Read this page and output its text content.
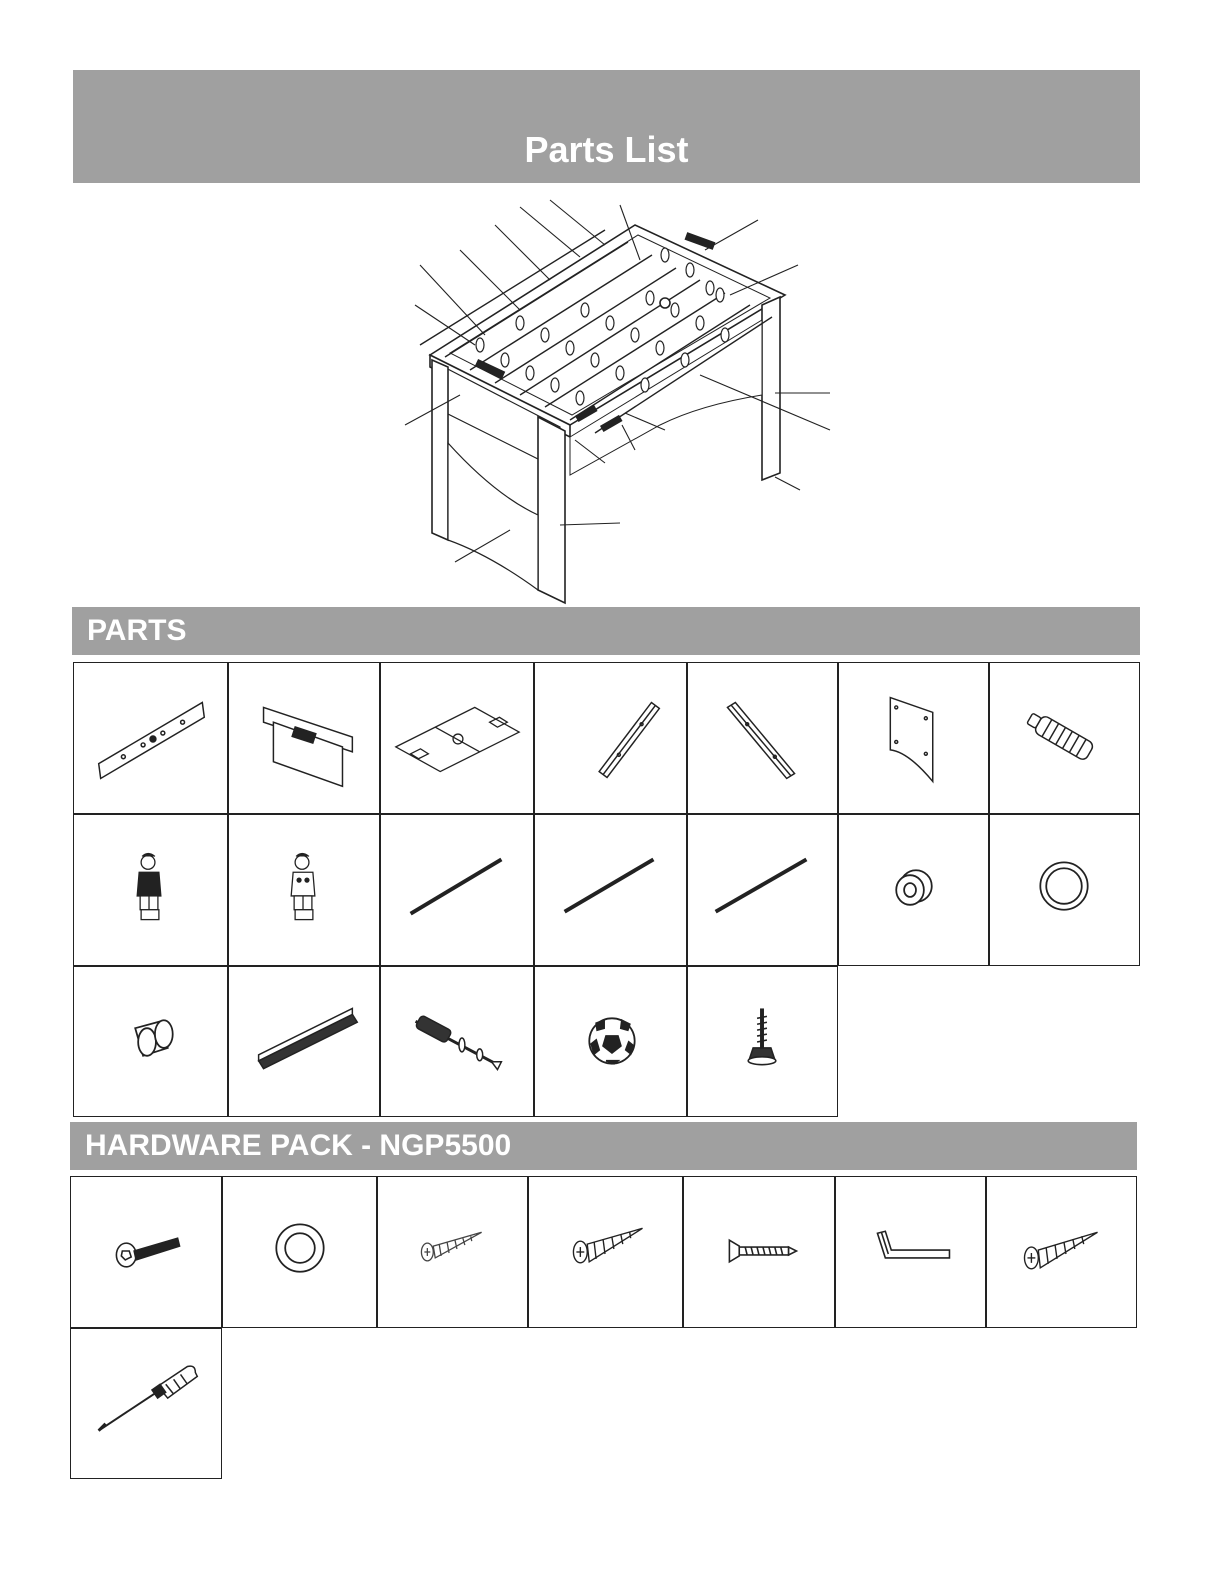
Parts List
PARTS
HARDWARE PACK - NGP5500
